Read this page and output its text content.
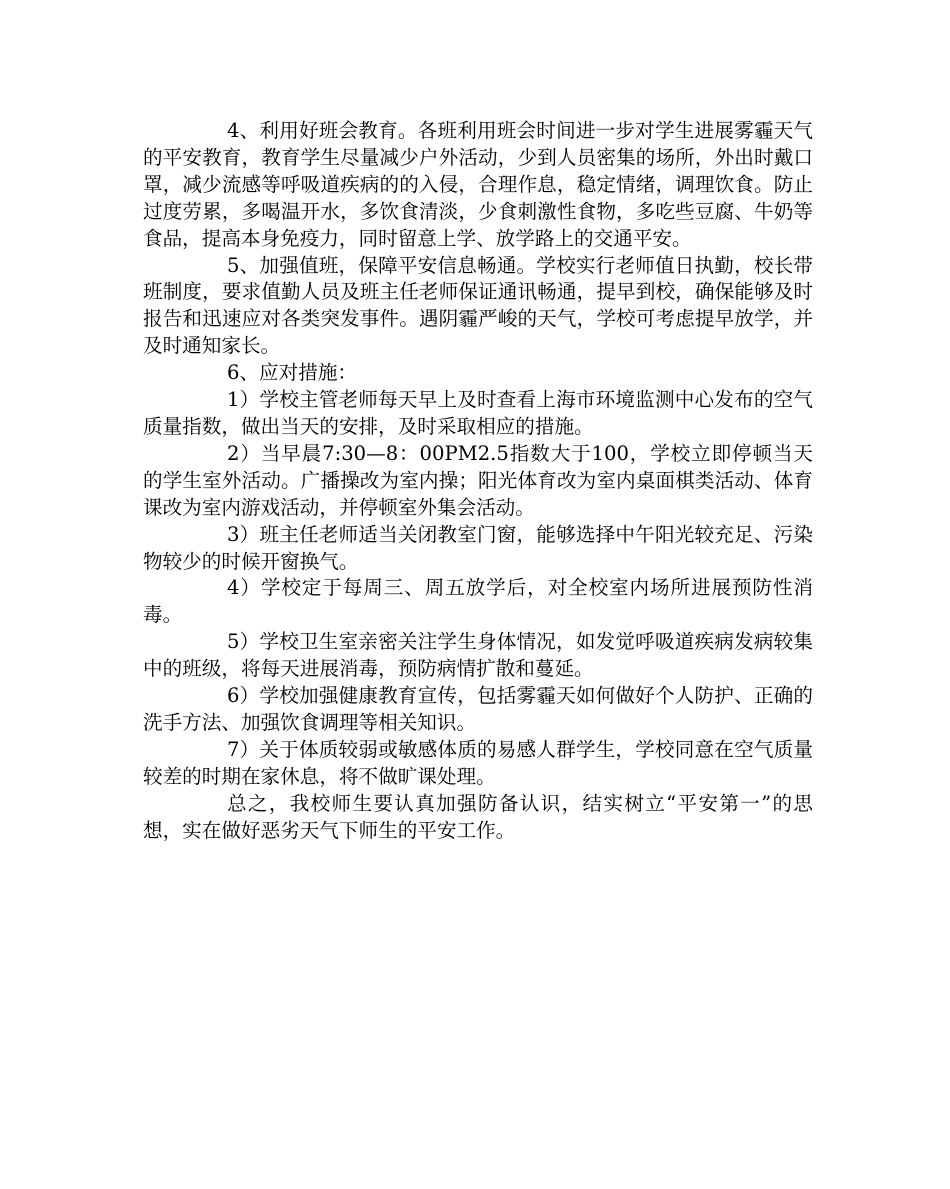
4、利用好班会教育。各班利用班会时间进一步对学生进展雾霾天气的平安教育，教育学生尽量减少户外活动，少到人员密集的场所，外出时戴口罩，减少流感等呼吸道疾病的的入侵，合理作息，稳定情绪，调理饮食。防止过度劳累，多喝温开水，多饮食清淡，少食刺激性食物，多吃些豆腐、牛奶等食品，提高本身免疫力，同时留意上学、放学路上的交通平安。

5、加强值班，保障平安信息畅通。学校实行老师值日执勤，校长带班制度，要求值勤人员及班主任老师保证通讯畅通，提早到校，确保能够及时报告和迅速应对各类突发事件。遇阴霾严峻的天气，学校可考虑提早放学，并及时通知家长。

6、应对措施：

1）学校主管老师每天早上及时查看上海市环境监测中心发布的空气质量指数，做出当天的安排，及时采取相应的措施。

2）当早晨7:30—8：00PM2.5指数大于100，学校立即停顿当天的学生室外活动。广播操改为室内操；阳光体育改为室内桌面棋类活动、体育课改为室内游戏活动，并停顿室外集会活动。

3）班主任老师适当关闭教室门窗，能够选择中午阳光较充足、污染物较少的时候开窗换气。

4）学校定于每周三、周五放学后，对全校室内场所进展预防性消毒。

5）学校卫生室亲密关注学生身体情况，如发觉呼吸道疾病发病较集中的班级，将每天进展消毒，预防病情扩散和蔓延。

6）学校加强健康教育宣传，包括雾霾天如何做好个人防护、正确的洗手方法、加强饮食调理等相关知识。

7）关于体质较弱或敏感体质的易感人群学生，学校同意在空气质量较差的时期在家休息，将不做旷课处理。

总之，我校师生要认真加强防备认识，结实树立“平安第一”的思想，实在做好恶劣天气下师生的平安工作。
